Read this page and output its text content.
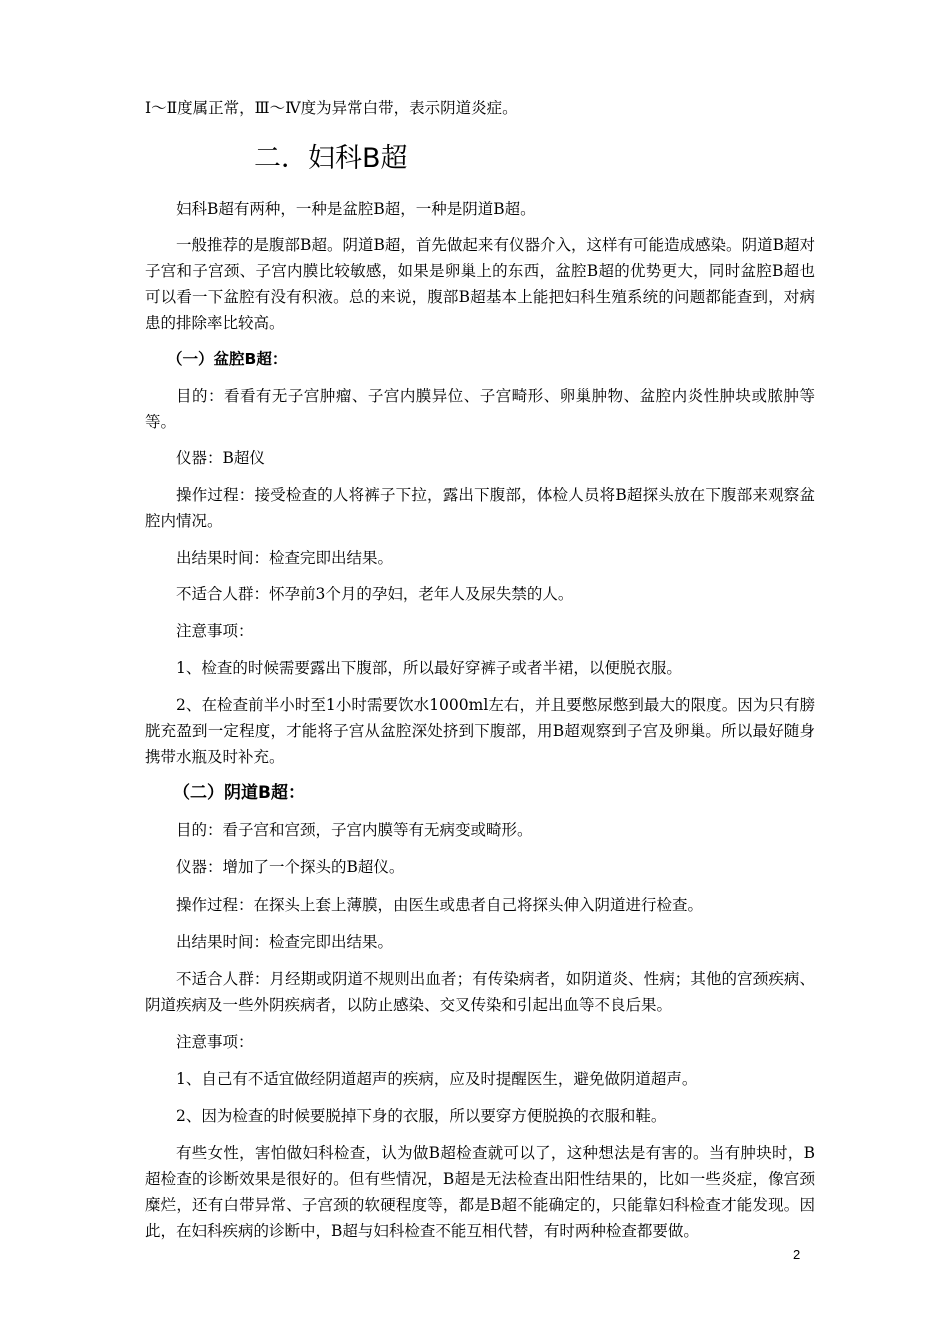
Ⅰ～Ⅱ度属正常，Ⅲ～Ⅳ度为异常白带，表示阴道炎症。

二．妇科B超

妇科B超有两种，一种是盆腔B超，一种是阴道B超。

一般推荐的是腹部B超。阴道B超，首先做起来有仪器介入，这样有可能造成感染。阴道B超对子宫和子宫颈、子宫内膜比较敏感，如果是卵巢上的东西，盆腔B超的优势更大，同时盆腔B超也可以看一下盆腔有没有积液。总的来说，腹部B超基本上能把妇科生殖系统的问题都能查到，对病患的排除率比较高。

（一）盆腔B超：

目的：看看有无子宫肿瘤、子宫内膜异位、子宫畸形、卵巢肿物、盆腔内炎性肿块或脓肿等等。

仪器：B超仪

操作过程：接受检查的人将裤子下拉，露出下腹部，体检人员将B超探头放在下腹部来观察盆腔内情况。

出结果时间：检查完即出结果。

不适合人群：怀孕前3个月的孕妇，老年人及尿失禁的人。

注意事项：

1、检查的时候需要露出下腹部，所以最好穿裤子或者半裙，以便脱衣服。

2、在检查前半小时至1小时需要饮水1000ml左右，并且要憋尿憋到最大的限度。因为只有膀胱充盈到一定程度，才能将子宫从盆腔深处挤到下腹部，用B超观察到子宫及卵巢。所以最好随身携带水瓶及时补充。

（二）阴道B超：

目的：看子宫和宫颈，子宫内膜等有无病变或畸形。

仪器：增加了一个探头的B超仪。

操作过程：在探头上套上薄膜，由医生或患者自己将探头伸入阴道进行检查。

出结果时间：检查完即出结果。

不适合人群：月经期或阴道不规则出血者；有传染病者，如阴道炎、性病；其他的宫颈疾病、阴道疾病及一些外阴疾病者，以防止感染、交叉传染和引起出血等不良后果。

注意事项：

1、自己有不适宜做经阴道超声的疾病，应及时提醒医生，避免做阴道超声。

2、因为检查的时候要脱掉下身的衣服，所以要穿方便脱换的衣服和鞋。

有些女性，害怕做妇科检查，认为做B超检查就可以了，这种想法是有害的。当有肿块时，B超检查的诊断效果是很好的。但有些情况，B超是无法检查出阳性结果的，比如一些炎症，像宫颈糜烂，还有白带异常、子宫颈的软硬程度等，都是B超不能确定的，只能靠妇科检查才能发现。因此，在妇科疾病的诊断中，B超与妇科检查不能互相代替，有时两种检查都要做。

2
